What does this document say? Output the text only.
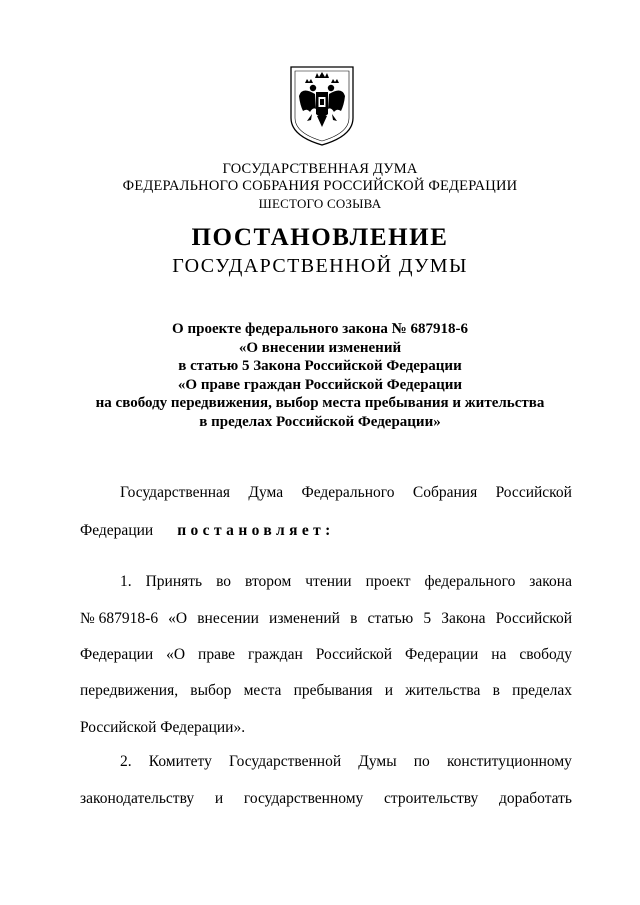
ГОСУДАРСТВЕННАЯ ДУМА
ФЕДЕРАЛЬНОГО СОБРАНИЯ РОССИЙСКОЙ ФЕДЕРАЦИИ
ШЕСТОГО СОЗЫВА
ПОСТАНОВЛЕНИЕ
ГОСУДАРСТВЕННОЙ ДУМЫ
О проекте федерального закона № 687918-6
«О внесении изменений
в статью 5 Закона Российской Федерации
«О праве граждан Российской Федерации
на свободу передвижения, выбор места пребывания и жительства
в пределах Российской Федерации»
Государственная Дума Федерального Собрания Российской
Федерации постановляет:
1. Принять во втором чтении проект федерального закона
№ 687918-6 «О внесении изменений в статью 5 Закона Российской
Федерации «О праве граждан Российской Федерации на свободу
передвижения, выбор места пребывания и жительства в пределах
Российской Федерации».
2. Комитету Государственной Думы по конституционному
законодательству и государственному строительству доработать
